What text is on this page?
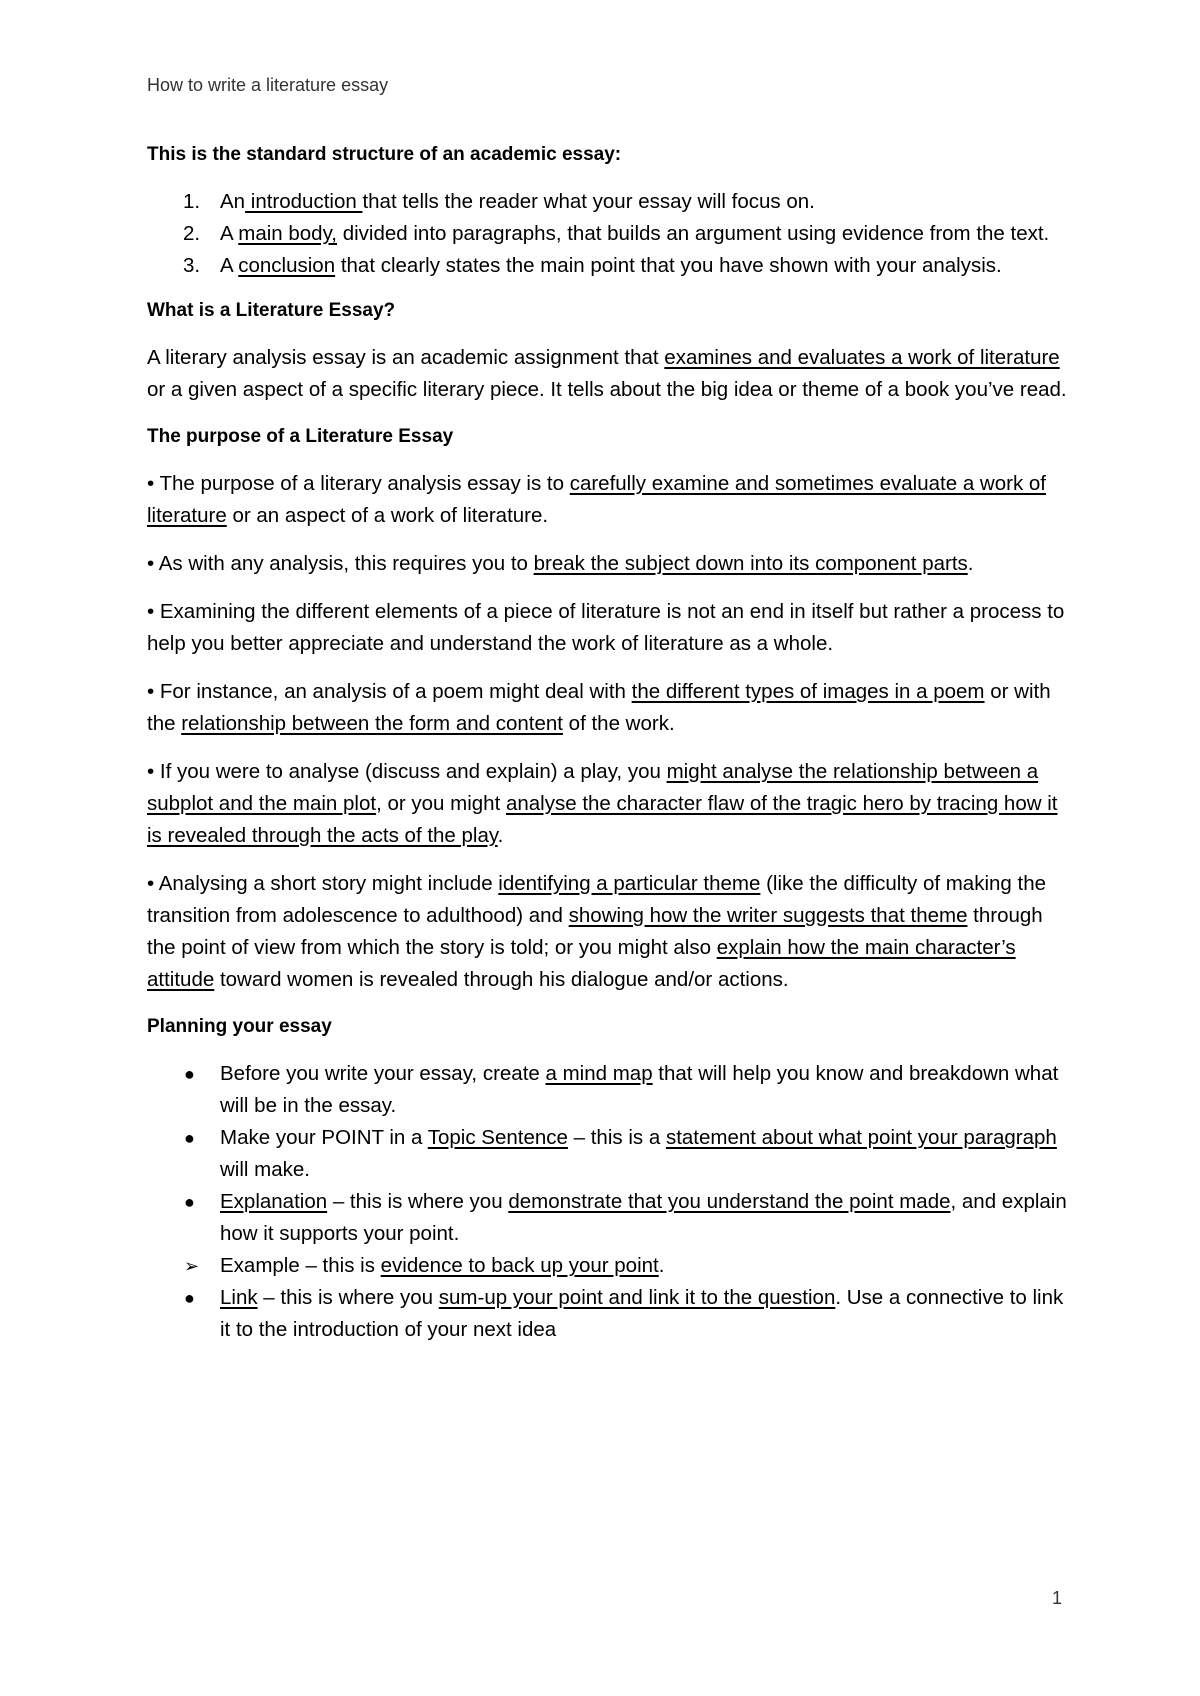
How to write a literature essay
This is the standard structure of an academic essay:
1. An introduction that tells the reader what your essay will focus on.
2. A main body, divided into paragraphs, that builds an argument using evidence from the text.
3. A conclusion that clearly states the main point that you have shown with your analysis.
What is a Literature Essay?

A literary analysis essay is an academic assignment that examines and evaluates a work of literature or a given aspect of a specific literary piece. It tells about the big idea or theme of a book you’ve read.

The purpose of a Literature Essay

• The purpose of a literary analysis essay is to carefully examine and sometimes evaluate a work of literature or an aspect of a work of literature.

• As with any analysis, this requires you to break the subject down into its component parts.

• Examining the different elements of a piece of literature is not an end in itself but rather a process to help you better appreciate and understand the work of literature as a whole.

• For instance, an analysis of a poem might deal with the different types of images in a poem or with the relationship between the form and content of the work.

• If you were to analyse (discuss and explain) a play, you might analyse the relationship between a subplot and the main plot, or you might analyse the character flaw of the tragic hero by tracing how it is revealed through the acts of the play.

• Analysing a short story might include identifying a particular theme (like the difficulty of making the transition from adolescence to adulthood) and showing how the writer suggests that theme through the point of view from which the story is told; or you might also explain how the main character’s attitude toward women is revealed through his dialogue and/or actions.

Planning your essay
●	Before you write your essay, create a mind map that will help you know and breakdown what will be in the essay.
●	Make your POINT in a Topic Sentence – this is a statement about what point your paragraph will make.
●	Explanation – this is where you demonstrate that you understand the point made, and explain how it supports your point.
➢	Example – this is evidence to back up your point.
●	Link – this is where you sum-up your point and link it to the question. Use a connective to link it to the introduction of your next idea
1
